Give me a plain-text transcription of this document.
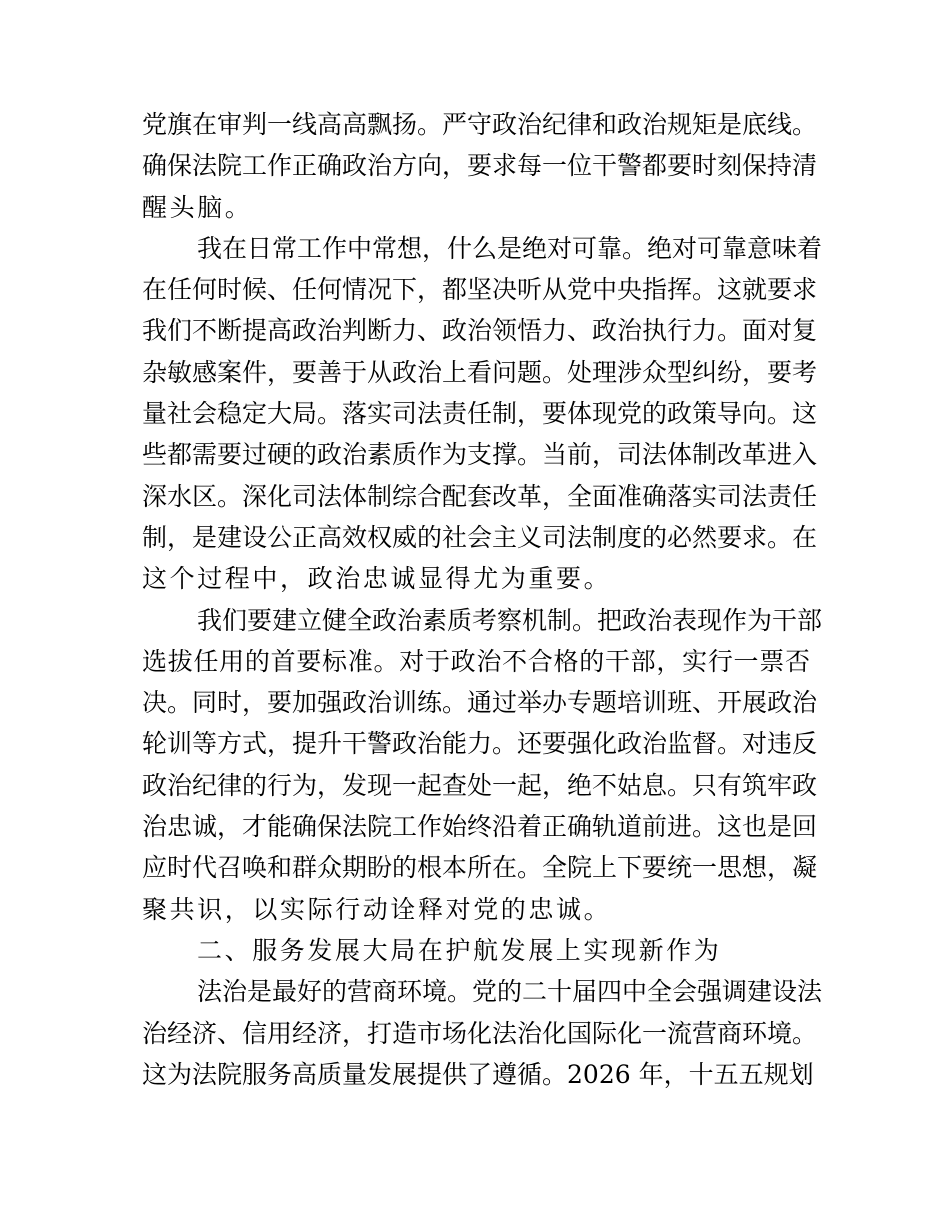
党旗在审判一线高高飘扬。严守政治纪律和政治规矩是底线。
确保法院工作正确政治方向，要求每一位干警都要时刻保持清
醒头脑。
我在日常工作中常想，什么是绝对可靠。绝对可靠意味着
在任何时候、任何情况下，都坚决听从党中央指挥。这就要求
我们不断提高政治判断力、政治领悟力、政治执行力。面对复
杂敏感案件，要善于从政治上看问题。处理涉众型纠纷，要考
量社会稳定大局。落实司法责任制，要体现党的政策导向。这
些都需要过硬的政治素质作为支撑。当前，司法体制改革进入
深水区。深化司法体制综合配套改革，全面准确落实司法责任
制，是建设公正高效权威的社会主义司法制度的必然要求。在
这个过程中，政治忠诚显得尤为重要。
我们要建立健全政治素质考察机制。把政治表现作为干部
选拔任用的首要标准。对于政治不合格的干部，实行一票否
决。同时，要加强政治训练。通过举办专题培训班、开展政治
轮训等方式，提升干警政治能力。还要强化政治监督。对违反
政治纪律的行为，发现一起查处一起，绝不姑息。只有筑牢政
治忠诚，才能确保法院工作始终沿着正确轨道前进。这也是回
应时代召唤和群众期盼的根本所在。全院上下要统一思想，凝
聚共识，以实际行动诠释对党的忠诚。
二、服务发展大局在护航发展上实现新作为
法治是最好的营商环境。党的二十届四中全会强调建设法
治经济、信用经济，打造市场化法治化国际化一流营商环境。
这为法院服务高质量发展提供了遵循。2026 年，十五五规划
